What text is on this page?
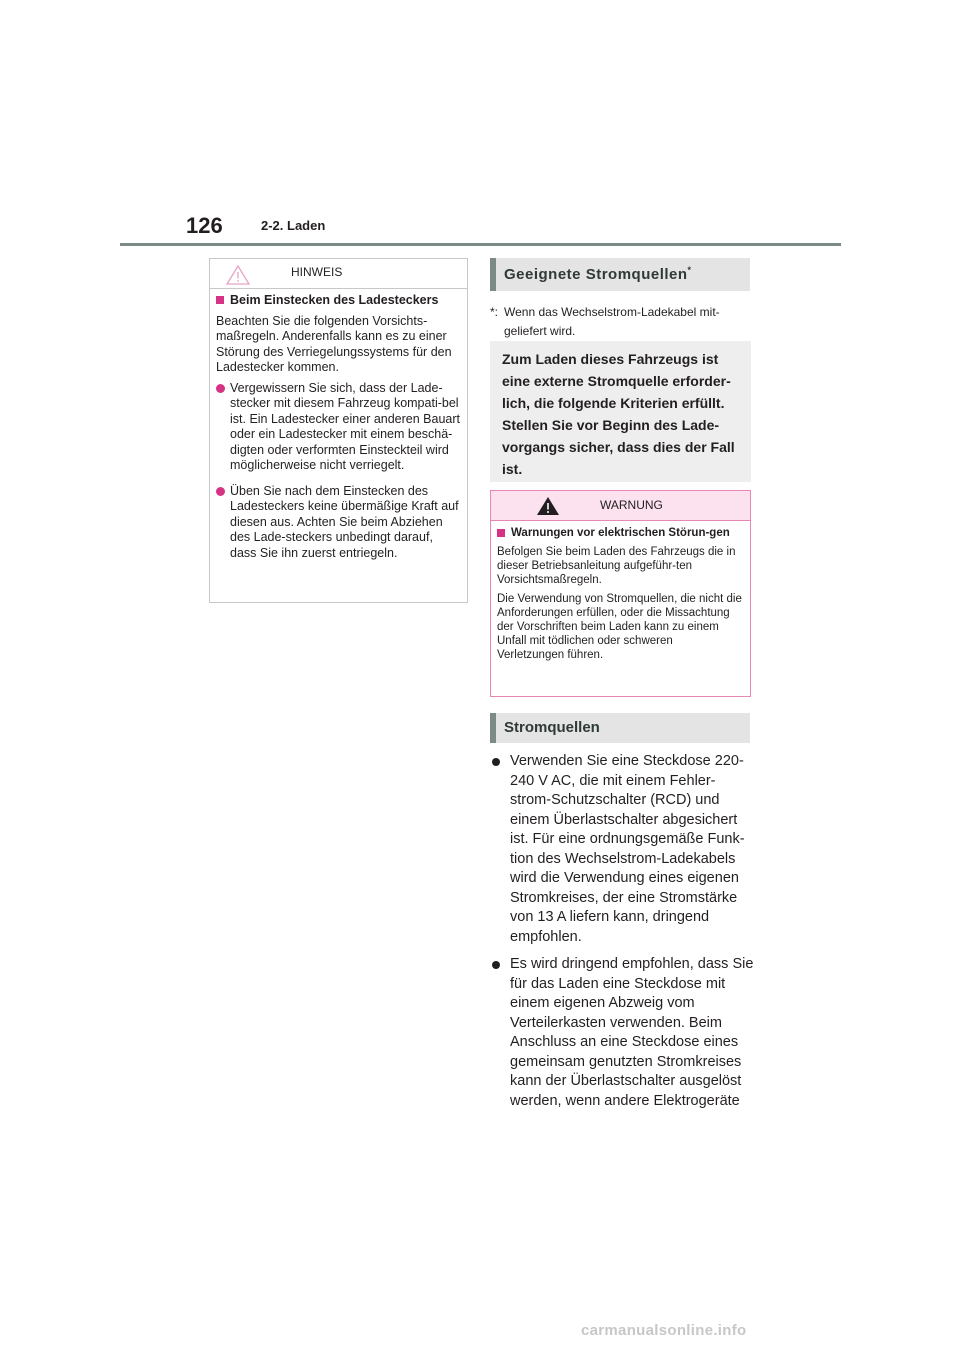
126	2-2. Laden
HINWEIS

Beim Einstecken des Ladesteckers

Beachten Sie die folgenden Vorsichts-maßregeln. Anderenfalls kann es zu einer Störung des Verriegelungssystems für den Ladestecker kommen.

Vergewissern Sie sich, dass der Lade-stecker mit diesem Fahrzeug kompati-bel ist. Ein Ladestecker einer anderen Bauart oder ein Ladestecker mit einem beschä-digten oder verformten Einsteckteil wird möglicherweise nicht verriegelt.
Üben Sie nach dem Einstecken des Ladesteckers keine übermäßige Kraft auf diesen aus. Achten Sie beim Abziehen des Lade-steckers unbedingt darauf, dass Sie ihn zuerst entriegeln.
Geeignete Stromquellen*
*: Wenn das Wechselstrom-Ladekabel mit-geliefert wird.
Zum Laden dieses Fahrzeugs ist eine externe Stromquelle erforder-lich, die folgende Kriterien erfüllt. Stellen Sie vor Beginn des Lade-vorgangs sicher, dass dies der Fall ist.
WARNUNG

Warnungen vor elektrischen Störun-gen

Befolgen Sie beim Laden des Fahrzeugs die in dieser Betriebsanleitung aufgeführ-ten Vorsichtsmaßregeln.

Die Verwendung von Stromquellen, die nicht die Anforderungen erfüllen, oder die Missachtung der Vorschriften beim Laden kann zu einem Unfall mit tödlichen oder schweren Verletzungen führen.

Stromquellen
Verwenden Sie eine Steckdose 220-240 V AC, die mit einem Fehler-strom-Schutzschalter (RCD) und einem Überlastschalter abgesichert ist. Für eine ordnungsgemäße Funk-tion des Wechselstrom-Ladekabels wird die Verwendung eines eigenen Stromkreises, der eine Stromstärke von 13 A liefern kann, dringend empfohlen.
Es wird dringend empfohlen, dass Sie für das Laden eine Steckdose mit einem eigenen Abzweig vom Verteilerkasten verwenden. Beim Anschluss an eine Steckdose eines gemeinsam genutzten Stromkreises kann der Überlastschalter ausgelöst werden, wenn andere Elektrogeräte
carmanualsonline.info
